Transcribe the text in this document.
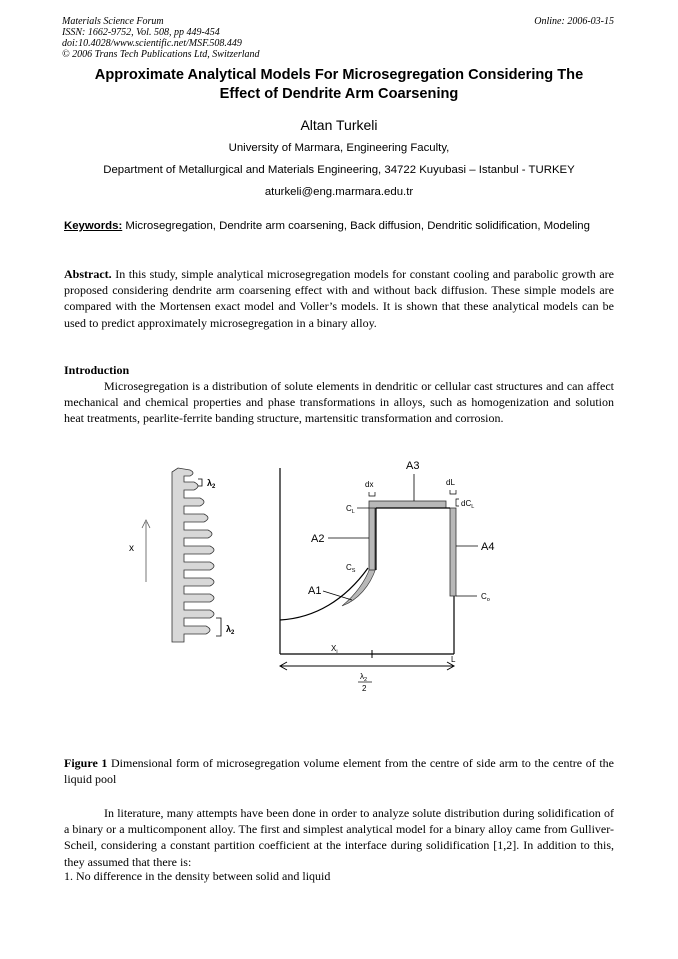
Materials Science Forum
ISSN: 1662-9752, Vol. 508, pp 449-454
doi:10.4028/www.scientific.net/MSF.508.449
© 2006 Trans Tech Publications Ltd, Switzerland
Online: 2006-03-15
Approximate Analytical Models For Microsegregation Considering The
Effect of Dendrite Arm Coarsening
Altan Turkeli
University of Marmara, Engineering Faculty,
Department of Metallurgical and Materials Engineering, 34722 Kuyubasi – Istanbul - TURKEY
aturkeli@eng.marmara.edu.tr
Keywords: Microsegregation, Dendrite arm coarsening, Back diffusion, Dendritic solidification, Modeling
Abstract. In this study, simple analytical microsegregation models for constant cooling and parabolic growth are proposed considering dendrite arm coarsening effect with and without back diffusion. These simple models are compared with the Mortensen exact model and Voller’s models. It is shown that these analytical models can be used to predict approximately microsegregation in a binary alloy.
Introduction
Microsegregation is a distribution of solute elements in dendritic or cellular cast structures and can affect mechanical and chemical properties and phase transformations in alloys, such as homogenization and solution heat treatments, pearlite-ferrite banding structure, martensitic transformation and corrosion.
$\lambda_2$
$\lambda_2$
x
A3
dx	dL
$C_L$
$dC_L$
A2
A4
$C_S$
A1	$C_o$
$X_i$
L
$\lambda_2$
2
Figure 1 Dimensional form of microsegregation volume element from the centre of side arm to the centre of the liquid pool
In literature, many attempts have been done in order to analyze solute distribution during solidification of a binary or a multicomponent alloy. The first and simplest analytical model for a binary alloy came from Gulliver-Scheil, considering a constant partition coefficient at the interface during solidification [1,2]. In addition to this, they assumed that there is:
1. No difference in the density between solid and liquid
